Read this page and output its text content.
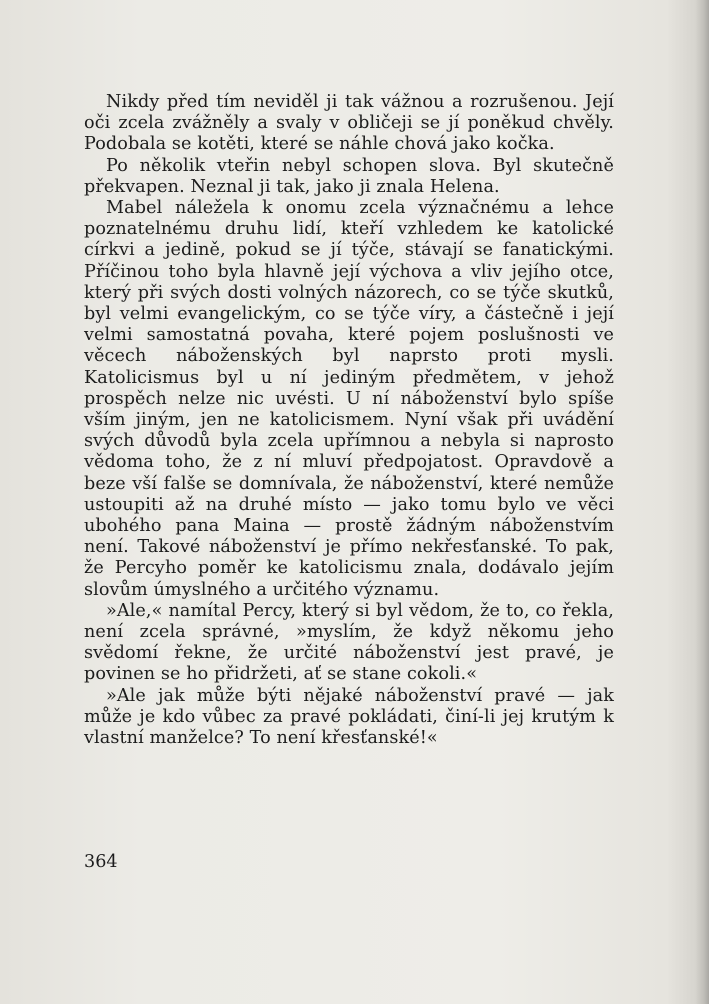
Nikdy před tím neviděl ji tak vážnou a rozrušenou. Její oči zcela zvážněly a svaly v obličeji se jí poněkud chvěly. Podobala se kotěti, které se náhle chová jako kočka.

Po několik vteřin nebyl schopen slova. Byl skutečně překvapen. Neznal ji tak, jako ji znala Helena.

Mabel náležela k onomu zcela význačnému a lehce poznatelnému druhu lidí, kteří vzhledem ke katolické církvi a jedině, pokud se jí týče, stávají se fanatickými. Příčinou toho byla hlavně její výchova a vliv jejího otce, který při svých dosti volných názorech, co se týče skutků, byl velmi evangelickým, co se týče víry, a částečně i její velmi samostatná povaha, které pojem poslušnosti ve věcech náboženských byl naprsto proti mysli. Katolicismus byl u ní jediným předmětem, v jehož prospěch nelze nic uvésti. U ní náboženství bylo spíše vším jiným, jen ne katolicismem. Nyní však při uvádění svých důvodů byla zcela upřímnou a nebyla si naprosto vědoma toho, že z ní mluví předpojatost. Opravdově a beze vší falše se domnívala, že náboženství, které nemůže ustoupiti až na druhé místo — jako tomu bylo ve věci ubohého pana Maina — prostě žádným náboženstvím není. Takové náboženství je přímo nekřesťanské. To pak, že Percyho poměr ke katolicismu znala, dodávalo jejím slovům úmyslného a určitého významu.

»Ale,« namítal Percy, který si byl vědom, že to, co řekla, není zcela správné, »myslím, že když někomu jeho svědomí řekne, že určité náboženství jest pravé, je povinen se ho přidržeti, ať se stane cokoli.«

»Ale jak může býti nějaké náboženství pravé — jak může je kdo vůbec za pravé pokládati, činí-li jej krutým k vlastní manželce? To není křesťanské!«

364
